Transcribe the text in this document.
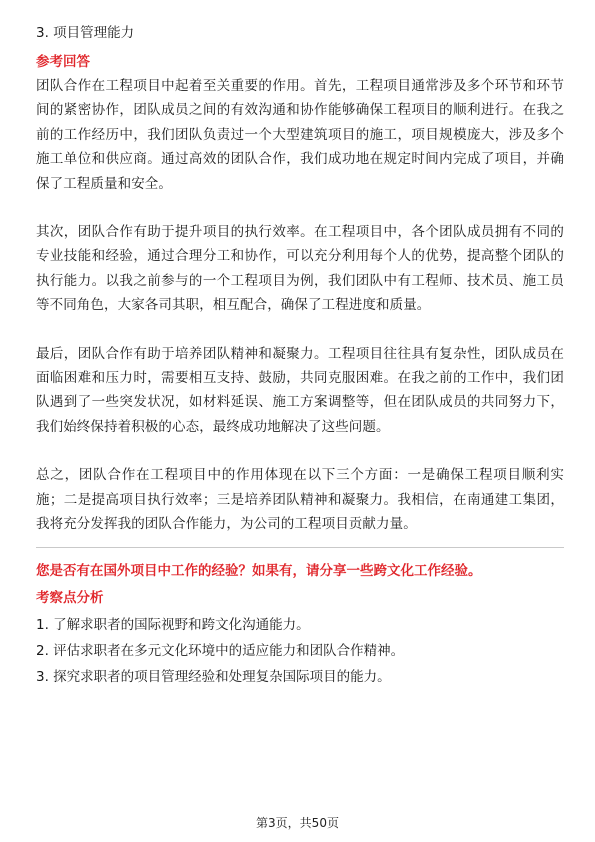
3. 项目管理能力

参考回答

团队合作在工程项目中起着至关重要的作用。首先，工程项目通常涉及多个环节和环节间的紧密协作，团队成员之间的有效沟通和协作能够确保工程项目的顺利进行。在我之前的工作经历中，我们团队负责过一个大型建筑项目的施工，项目规模庞大，涉及多个施工单位和供应商。通过高效的团队合作，我们成功地在规定时间内完成了项目，并确保了工程质量和安全。

其次，团队合作有助于提升项目的执行效率。在工程项目中，各个团队成员拥有不同的专业技能和经验，通过合理分工和协作，可以充分利用每个人的优势，提高整个团队的执行能力。以我之前参与的一个工程项目为例，我们团队中有工程师、技术员、施工员等不同角色，大家各司其职，相互配合，确保了工程进度和质量。

最后，团队合作有助于培养团队精神和凝聚力。工程项目往往具有复杂性，团队成员在面临困难和压力时，需要相互支持、鼓励，共同克服困难。在我之前的工作中，我们团队遇到了一些突发状况，如材料延误、施工方案调整等，但在团队成员的共同努力下，我们始终保持着积极的心态，最终成功地解决了这些问题。

总之，团队合作在工程项目中的作用体现在以下三个方面：一是确保工程项目顺利实施；二是提高项目执行效率；三是培养团队精神和凝聚力。我相信，在南通建工集团，我将充分发挥我的团队合作能力，为公司的工程项目贡献力量。

您是否有在国外项目中工作的经验？如果有，请分享一些跨文化工作经验。

考察点分析

1. 了解求职者的国际视野和跨文化沟通能力。
2. 评估求职者在多元文化环境中的适应能力和团队合作精神。
3. 探究求职者的项目管理经验和处理复杂国际项目的能力。
第3页，共50页
